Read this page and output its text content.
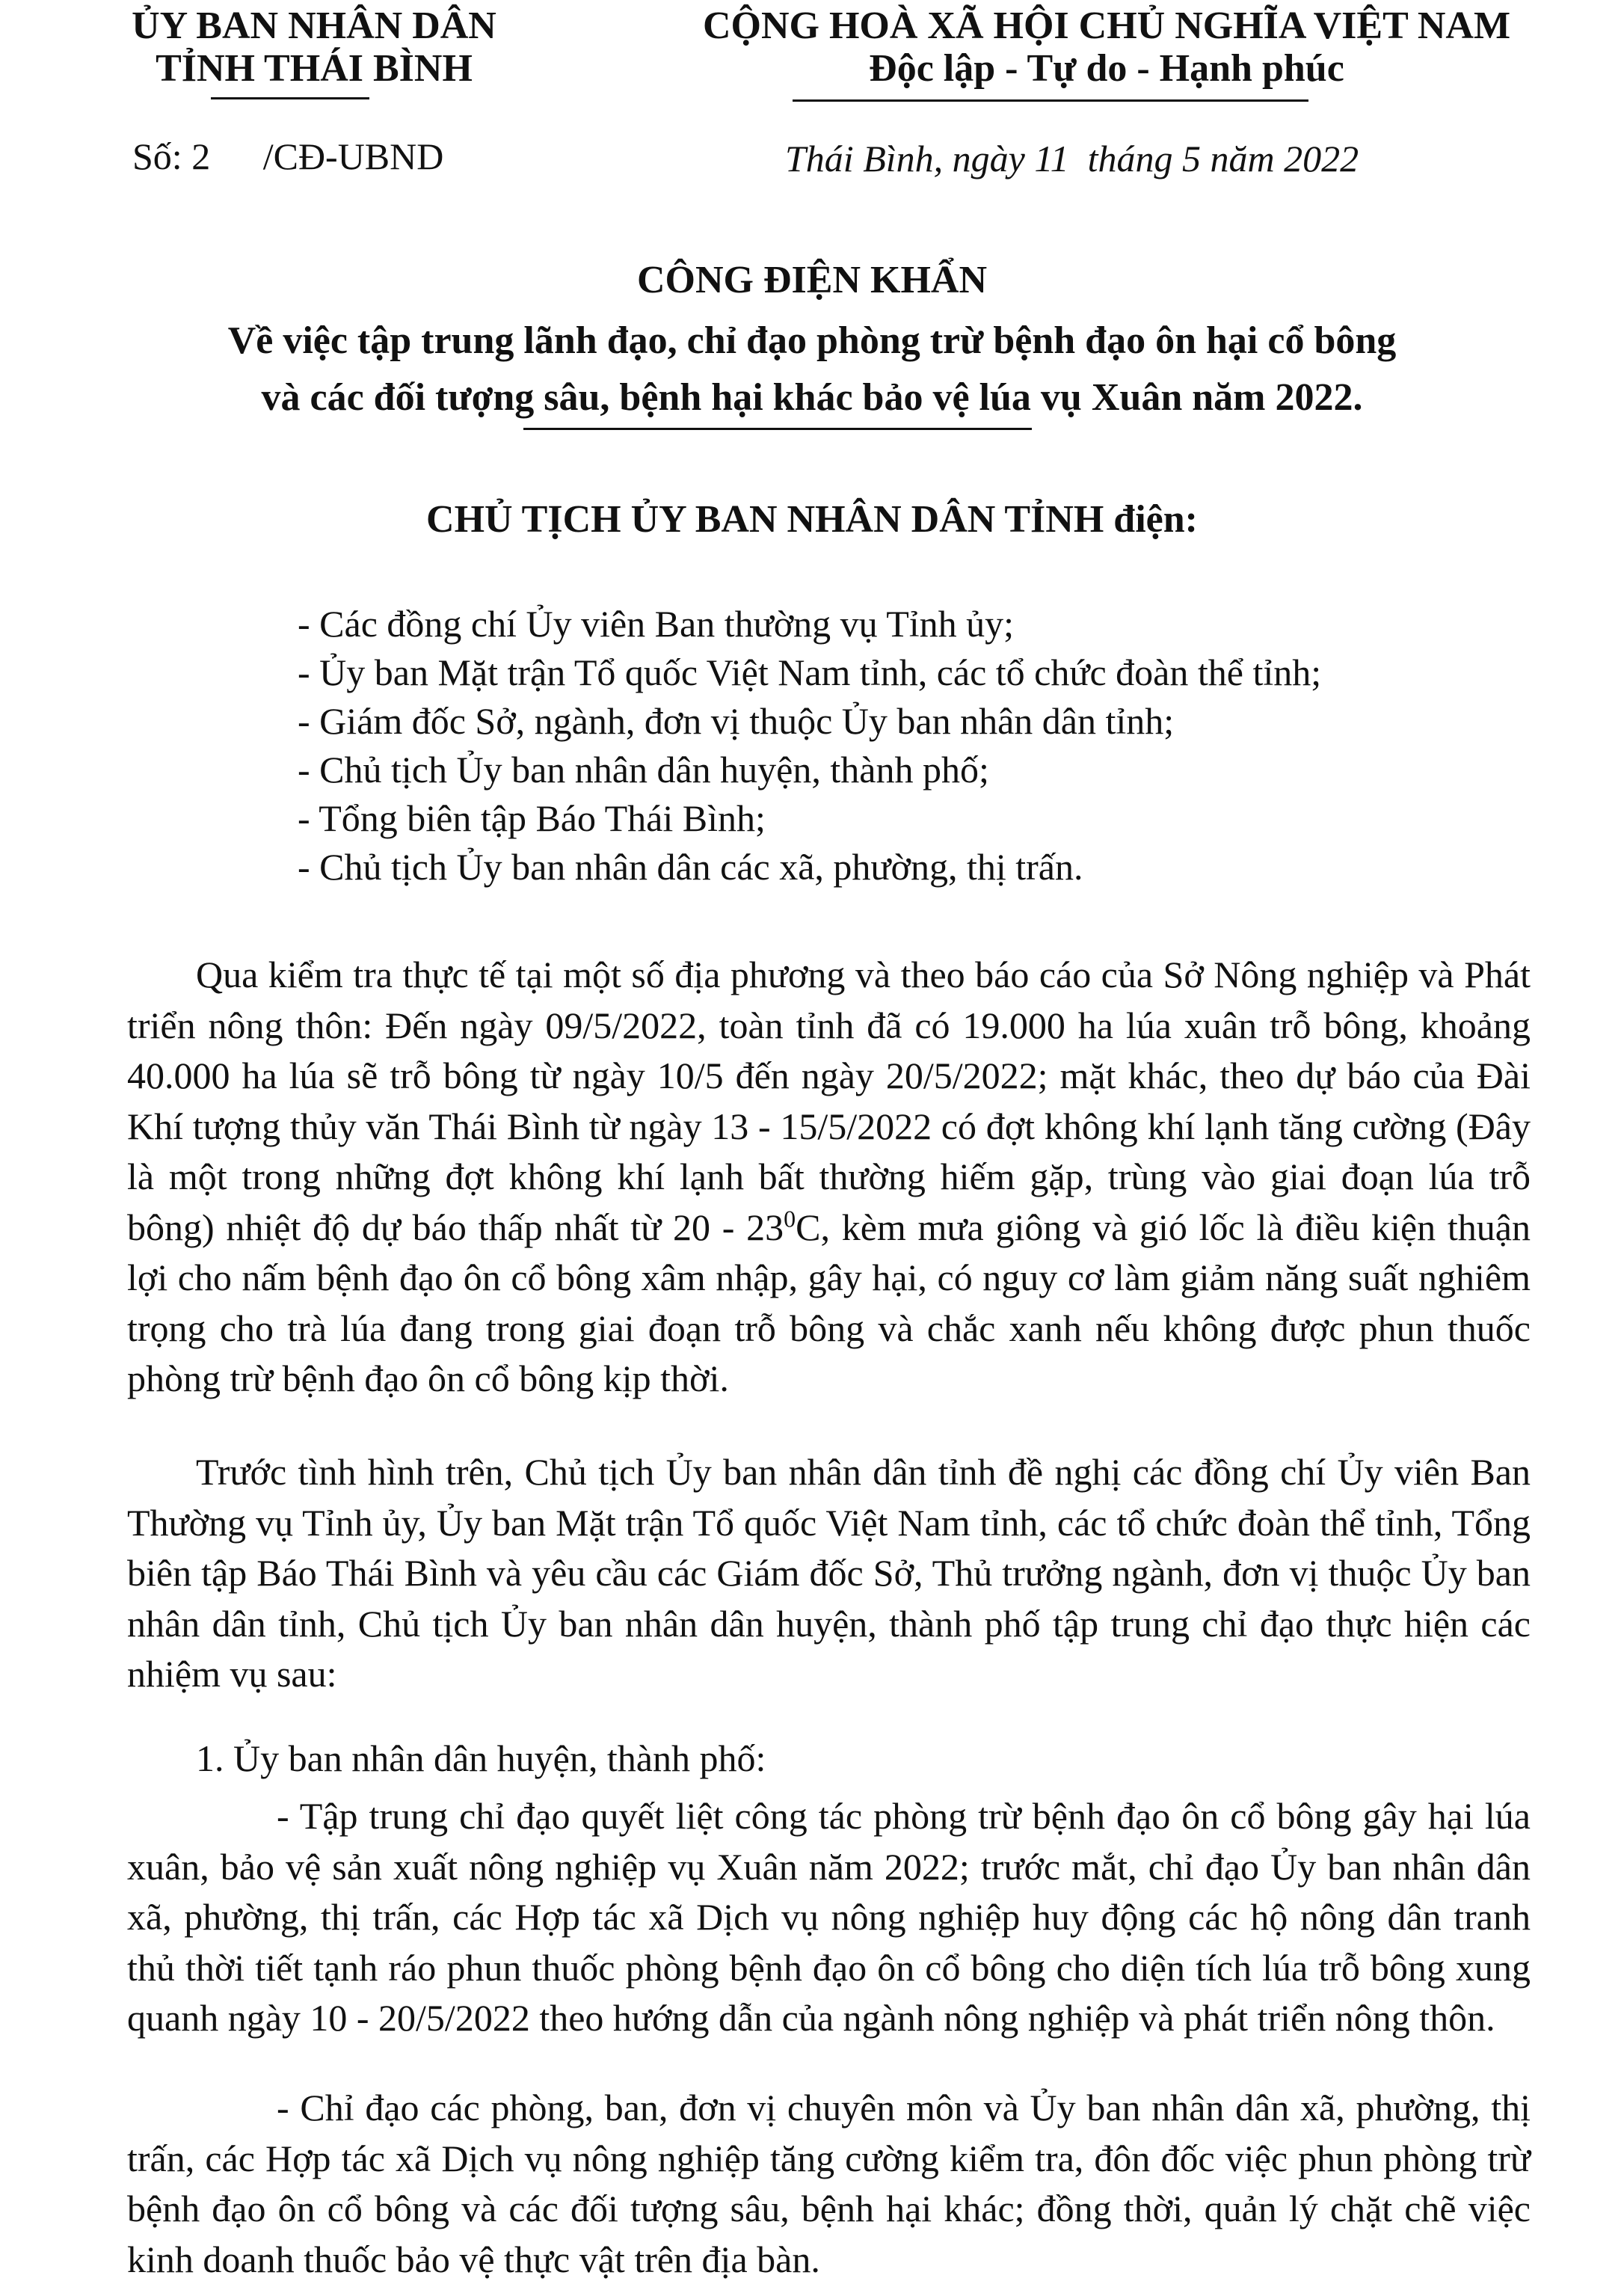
ỦY BAN NHÂN DÂN
TỈNH THÁI BÌNH
CỘNG HOÀ XÃ HỘI CHỦ NGHĨA VIỆT NAM
Độc lập - Tự do - Hạnh phúc
Số: 2 /CĐ-UBND	Thái Bình, ngày 11 tháng 5 năm 2022
CÔNG ĐIỆN KHẨN
Về việc tập trung lãnh đạo, chỉ đạo phòng trừ bệnh đạo ôn hại cổ bông
và các đối tượng sâu, bệnh hại khác bảo vệ lúa vụ Xuân năm 2022.
CHỦ TỊCH ỦY BAN NHÂN DÂN TỈNH điện:
- Các đồng chí Ủy viên Ban thường vụ Tỉnh ủy;
- Ủy ban Mặt trận Tổ quốc Việt Nam tỉnh, các tổ chức đoàn thể tỉnh;
- Giám đốc Sở, ngành, đơn vị thuộc Ủy ban nhân dân tỉnh;
- Chủ tịch Ủy ban nhân dân huyện, thành phố;
- Tổng biên tập Báo Thái Bình;
- Chủ tịch Ủy ban nhân dân các xã, phường, thị trấn.
Qua kiểm tra thực tế tại một số địa phương và theo báo cáo của Sở Nông nghiệp và Phát triển nông thôn: Đến ngày 09/5/2022, toàn tỉnh đã có 19.000 ha lúa xuân trỗ bông, khoảng 40.000 ha lúa sẽ trỗ bông từ ngày 10/5 đến ngày 20/5/2022; mặt khác, theo dự báo của Đài Khí tượng thủy văn Thái Bình từ ngày 13 - 15/5/2022 có đợt không khí lạnh tăng cường (Đây là một trong những đợt không khí lạnh bất thường hiếm gặp, trùng vào giai đoạn lúa trỗ bông) nhiệt độ dự báo thấp nhất từ $20 - 23^0C$, kèm mưa giông và gió lốc là điều kiện thuận lợi cho nấm bệnh đạo ôn cổ bông xâm nhập, gây hại, có nguy cơ làm giảm năng suất nghiêm trọng cho trà lúa đang trong giai đoạn trỗ bông và chắc xanh nếu không được phun thuốc phòng trừ bệnh đạo ôn cổ bông kịp thời.
Trước tình hình trên, Chủ tịch Ủy ban nhân dân tỉnh đề nghị các đồng chí Ủy viên Ban Thường vụ Tỉnh ủy, Ủy ban Mặt trận Tổ quốc Việt Nam tỉnh, các tổ chức đoàn thể tỉnh, Tổng biên tập Báo Thái Bình và yêu cầu các Giám đốc Sở, Thủ trưởng ngành, đơn vị thuộc Ủy ban nhân dân tỉnh, Chủ tịch Ủy ban nhân dân huyện, thành phố tập trung chỉ đạo thực hiện các nhiệm vụ sau:
1. Ủy ban nhân dân huyện, thành phố:
- Tập trung chỉ đạo quyết liệt công tác phòng trừ bệnh đạo ôn cổ bông gây hại lúa xuân, bảo vệ sản xuất nông nghiệp vụ Xuân năm 2022; trước mắt, chỉ đạo Ủy ban nhân dân xã, phường, thị trấn, các Hợp tác xã Dịch vụ nông nghiệp huy động các hộ nông dân tranh thủ thời tiết tạnh ráo phun thuốc phòng bệnh đạo ôn cổ bông cho diện tích lúa trỗ bông xung quanh ngày 10 - 20/5/2022 theo hướng dẫn của ngành nông nghiệp và phát triển nông thôn.
- Chỉ đạo các phòng, ban, đơn vị chuyên môn và Ủy ban nhân dân xã, phường, thị trấn, các Hợp tác xã Dịch vụ nông nghiệp tăng cường kiểm tra, đôn đốc việc phun phòng trừ bệnh đạo ôn cổ bông và các đối tượng sâu, bệnh hại khác; đồng thời, quản lý chặt chẽ việc kinh doanh thuốc bảo vệ thực vật trên địa bàn.
